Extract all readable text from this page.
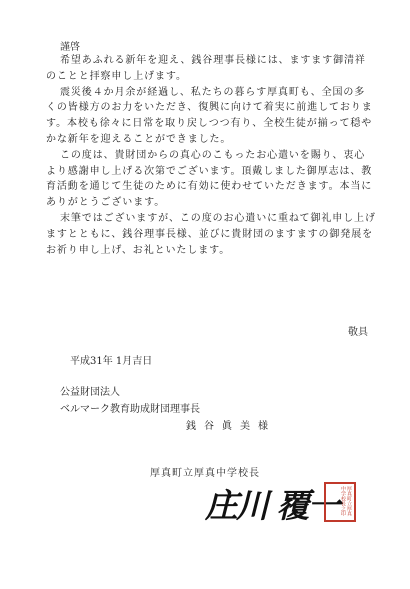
謹啓

希望あふれる新年を迎え、銭谷理事長様には、ますます御清祥のことと拝察申し上げます。

震災後４か月余が経過し、私たちの暮らす厚真町も、全国の多くの皆様方のお力をいただき、復興に向けて着実に前進しております。本校も徐々に日常を取り戻しつつ有り、全校生徒が揃って穏やかな新年を迎えることができました。

この度は、貴財団からの真心のこもったお心遣いを賜り、衷心より感謝申し上げる次第でございます。頂戴しました御厚志は、教育活動を通じて生徒のために有効に使わせていただきます。本当にありがとうございます。

末筆ではございますが、この度のお心遣いに重ねて御礼申し上げますとともに、銭谷理事長様、並びに貴財団のますますの御発展をお祈り申し上げ、お礼といたします。

敬具
平成31年 1月吉日
公益財団法人
ベルマーク教育助成財団理事長
銭谷眞美様
厚真町立厚真中学校長
庄川 覆一	厚真町立厚真中学校長之印
